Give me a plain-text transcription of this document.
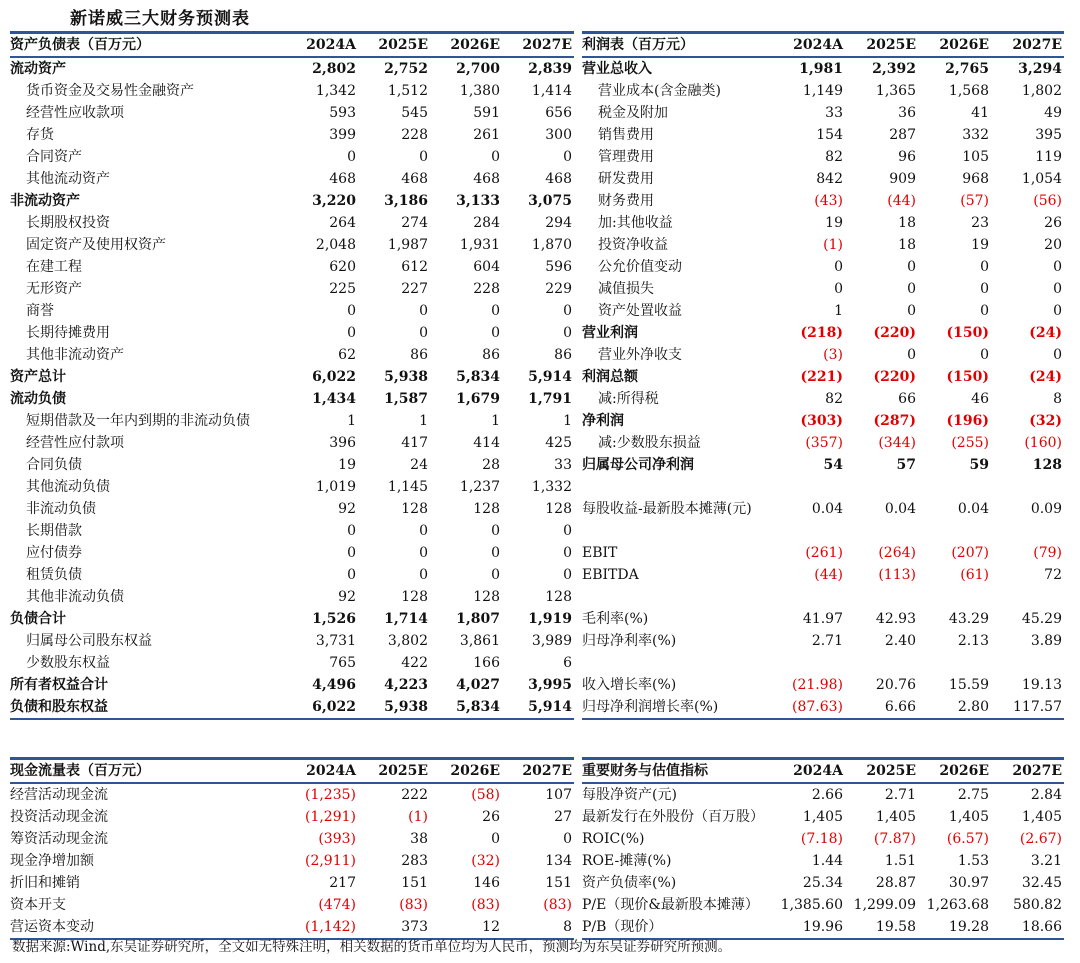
新诺威三大财务预测表
资产负债表（百万元）	2024A	2025E	2026E	2027E
流动资产	2,802	2,752	2,700	2,839
货币资金及交易性金融资产	1,342	1,512	1,380	1,414
经营性应收款项	593	545	591	656
存货	399	228	261	300
合同资产	0	0	0	0
其他流动资产	468	468	468	468
非流动资产	3,220	3,186	3,133	3,075
长期股权投资	264	274	284	294
固定资产及使用权资产	2,048	1,987	1,931	1,870
在建工程	620	612	604	596
无形资产	225	227	228	229
商誉	0	0	0	0
长期待摊费用	0	0	0	0
其他非流动资产	62	86	86	86
资产总计	6,022	5,938	5,834	5,914
流动负债	1,434	1,587	1,679	1,791
短期借款及一年内到期的非流动负债	1	1	1	1
经营性应付款项	396	417	414	425
合同负债	19	24	28	33
其他流动负债	1,019	1,145	1,237	1,332
非流动负债	92	128	128	128
长期借款	0	0	0	0
应付债券	0	0	0	0
租赁负债	0	0	0	0
其他非流动负债	92	128	128	128
负债合计	1,526	1,714	1,807	1,919
归属母公司股东权益	3,731	3,802	3,861	3,989
少数股东权益	765	422	166	6
所有者权益合计	4,496	4,223	4,027	3,995
负债和股东权益	6,022	5,938	5,834	5,914
利润表（百万元）	2024A	2025E	2026E	2027E
营业总收入	1,981	2,392	2,765	3,294
营业成本(含金融类)	1,149	1,365	1,568	1,802
税金及附加	33	36	41	49
销售费用	154	287	332	395
管理费用	82	96	105	119
研发费用	842	909	968	1,054
财务费用	(43)	(44)	(57)	(56)
加:其他收益	19	18	23	26
投资净收益	(1)	18	19	20
公允价值变动	0	0	0	0
减值损失	0	0	0	0
资产处置收益	1	0	0	0
营业利润	(218)	(220)	(150)	(24)
营业外净收支	(3)	0	0	0
利润总额	(221)	(220)	(150)	(24)
减:所得税	82	66	46	8
净利润	(303)	(287)	(196)	(32)
减:少数股东损益	(357)	(344)	(255)	(160)
归属母公司净利润	54	57	59	128

每股收益-最新股本摊薄(元)	0.04	0.04	0.04	0.09

EBIT	(261)	(264)	(207)	(79)
EBITDA	(44)	(113)	(61)	72

毛利率(%)	41.97	42.93	43.29	45.29
归母净利率(%)	2.71	2.40	2.13	3.89

收入增长率(%)	(21.98)	20.76	15.59	19.13
归母净利润增长率(%)	(87.63)	6.66	2.80	117.57
现金流量表（百万元）	2024A	2025E	2026E	2027E
经营活动现金流	(1,235)	222	(58)	107
投资活动现金流	(1,291)	(1)	26	27
筹资活动现金流	(393)	38	0	0
现金净增加额	(2,911)	283	(32)	134
折旧和摊销	217	151	146	151
资本开支	(474)	(83)	(83)	(83)
营运资本变动	(1,142)	373	12	8
重要财务与估值指标	2024A	2025E	2026E	2027E
每股净资产(元)	2.66	2.71	2.75	2.84
最新发行在外股份（百万股）	1,405	1,405	1,405	1,405
ROIC(%)	(7.18)	(7.87)	(6.57)	(2.67)
ROE-摊薄(%)	1.44	1.51	1.53	3.21
资产负债率(%)	25.34	28.87	30.97	32.45
P/E（现价&最新股本摊薄）	1,385.60	1,299.09	1,263.68	580.82
P/B（现价）	19.96	19.58	19.28	18.66
数据来源:Wind,东吴证券研究所，全文如无特殊注明，相关数据的货币单位均为人民币，预测均为东吴证券研究所预测。
